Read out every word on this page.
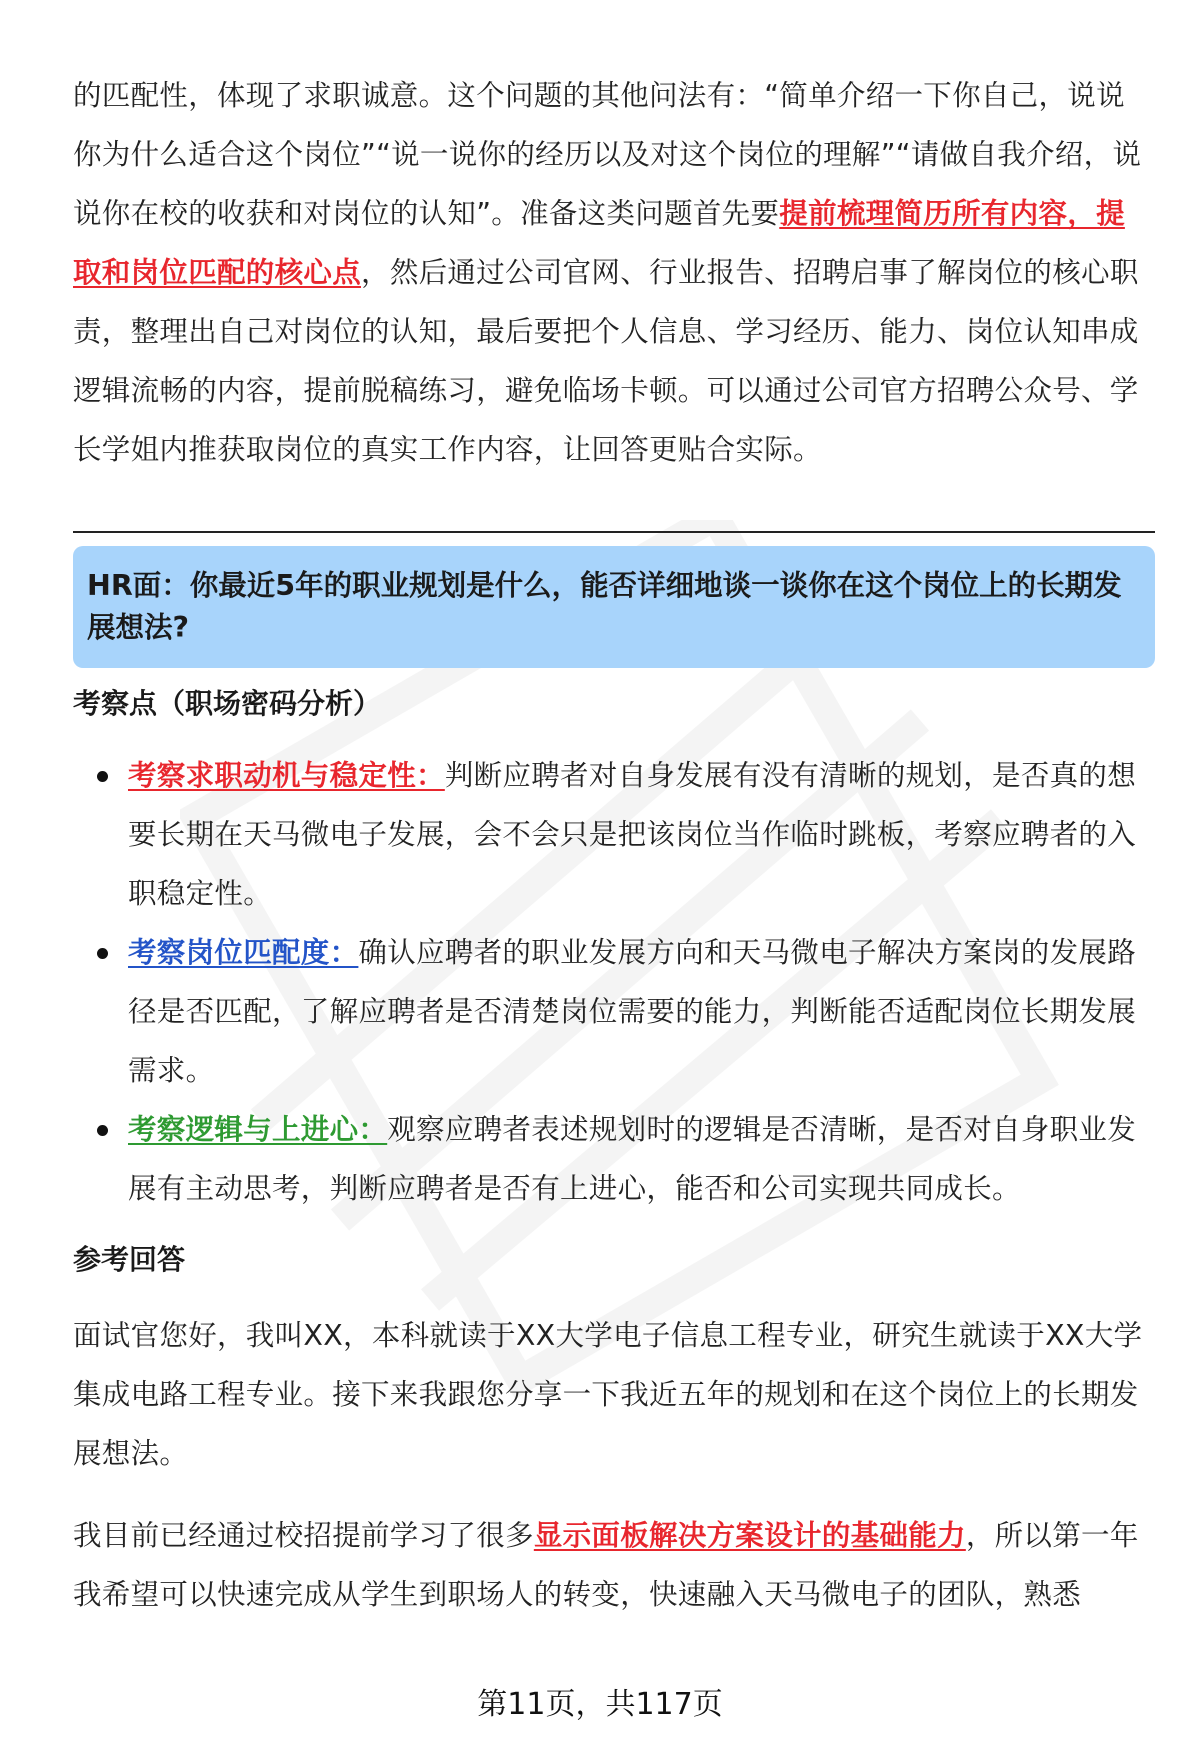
的匹配性，体现了求职诚意。这个问题的其他问法有：“简单介绍一下你自己，说说你为什么适合这个岗位”“说一说你的经历以及对这个岗位的理解”“请做自我介绍，说说你在校的收获和对岗位的认知”。准备这类问题首先要提前梳理简历所有内容，提取和岗位匹配的核心点，然后通过公司官网、行业报告、招聘启事了解岗位的核心职责，整理出自己对岗位的认知，最后要把个人信息、学习经历、能力、岗位认知串成逻辑流畅的内容，提前脱稿练习，避免临场卡顿。可以通过公司官方招聘公众号、学长学姐内推获取岗位的真实工作内容，让回答更贴合实际。
HR面：你最近5年的职业规划是什么，能否详细地谈一谈你在这个岗位上的长期发展想法?
考察点（职场密码分析）
考察求职动机与稳定性：判断应聘者对自身发展有没有清晰的规划，是否真的想要长期在天马微电子发展，会不会只是把该岗位当作临时跳板，考察应聘者的入职稳定性。
考察岗位匹配度：确认应聘者的职业发展方向和天马微电子解决方案岗的发展路径是否匹配，了解应聘者是否清楚岗位需要的能力，判断能否适配岗位长期发展需求。
考察逻辑与上进心：观察应聘者表述规划时的逻辑是否清晰，是否对自身职业发展有主动思考，判断应聘者是否有上进心，能否和公司实现共同成长。
参考回答
面试官您好，我叫XX，本科就读于XX大学电子信息工程专业，研究生就读于XX大学集成电路工程专业。接下来我跟您分享一下我近五年的规划和在这个岗位上的长期发展想法。
我目前已经通过校招提前学习了很多显示面板解决方案设计的基础能力，所以第一年我希望可以快速完成从学生到职场人的转变，快速融入天马微电子的团队，熟悉
第11页，共117页
